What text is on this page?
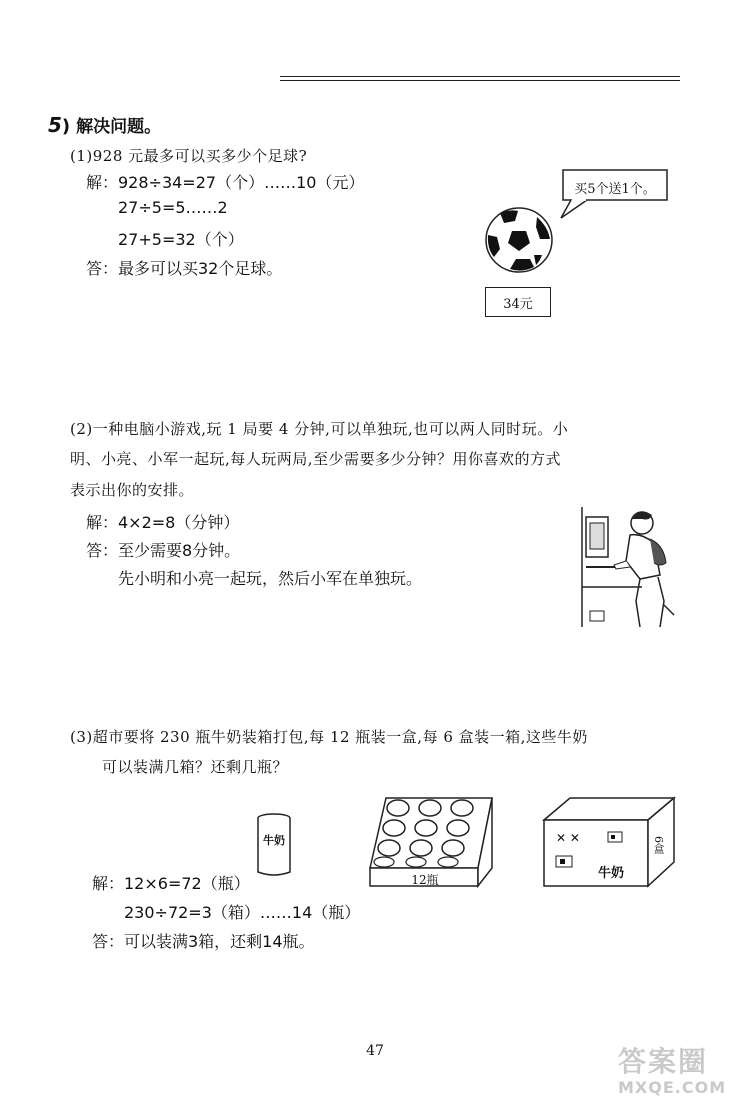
5) 解决问题。
(1)928 元最多可以买多少个足球?
解：928÷34=27（个）……10（元）
27÷5=5……2
27+5=32（个）
答：最多可以买32个足球。
买5个送1个。
34元
(2)一种电脑小游戏,玩 1 局要 4 分钟,可以单独玩,也可以两人同时玩。小
明、小亮、小军一起玩,每人玩两局,至少需要多少分钟？用你喜欢的方式
表示出你的安排。
解：4×2=8（分钟）
答：至少需要8分钟。
先小明和小亮一起玩，然后小军在单独玩。
(3)超市要将 230 瓶牛奶装箱打包,每 12 瓶装一盒,每 6 盒装一箱,这些牛奶
可以装满几箱？还剩几瓶？
牛奶
12瓶
✕ ✕
牛奶
6盒
解：12×6=72（瓶）
230÷72=3（箱）……14（瓶）
答：可以装满3箱，还剩14瓶。
47	答案圈
MXQE.COM
